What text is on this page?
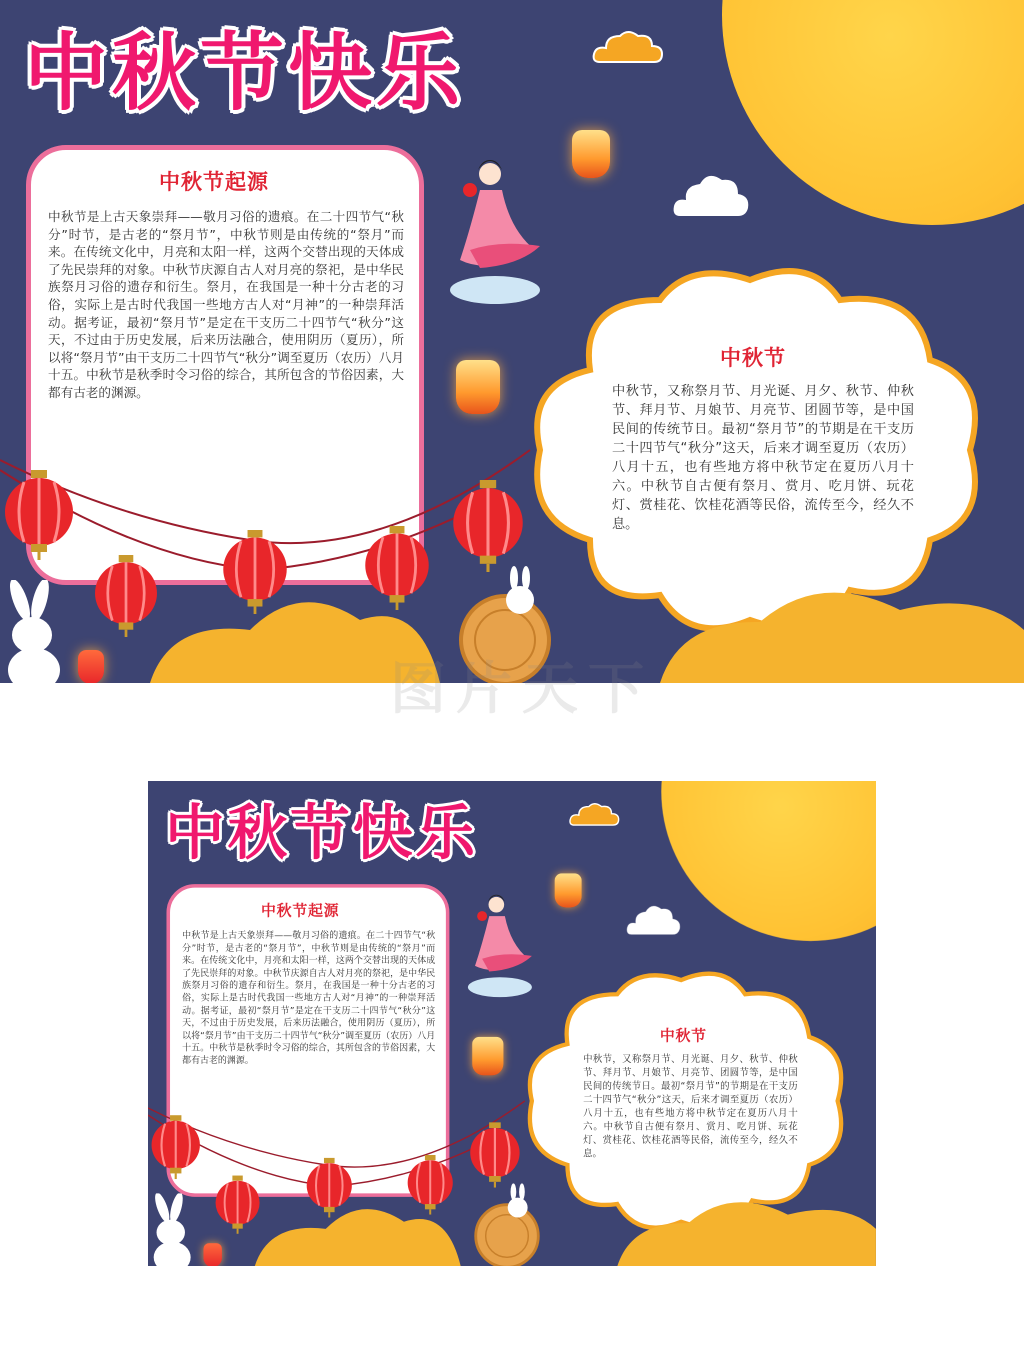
中秋节快乐
中秋节起源
中秋节是上古天象崇拜——敬月习俗的遗痕。在二十四节气“秋分”时节，是古老的“祭月节”，中秋节则是由传统的“祭月”而来。在传统文化中，月亮和太阳一样，这两个交替出现的天体成了先民崇拜的对象。中秋节庆源自古人对月亮的祭祀，是中华民族祭月习俗的遗存和衍生。祭月，在我国是一种十分古老的习俗，实际上是古时代我国一些地方古人对“月神”的一种崇拜活动。据考证，最初“祭月节”是定在干支历二十四节气“秋分”这天，不过由于历史发展，后来历法融合，使用阴历（夏历），所以将“祭月节”由干支历二十四节气“秋分”调至夏历（农历）八月十五。中秋节是秋季时令习俗的综合，其所包含的节俗因素，大都有古老的渊源。
中秋节
中秋节，又称祭月节、月光诞、月夕、秋节、仲秋节、拜月节、月娘节、月亮节、团圆节等，是中国民间的传统节日。最初“祭月节”的节期是在干支历二十四节气“秋分”这天，后来才调至夏历（农历）八月十五，也有些地方将中秋节定在夏历八月十六。中秋节自古便有祭月、赏月、吃月饼、玩花灯、赏桂花、饮桂花酒等民俗，流传至今，经久不息。
图片天下
中秋节快乐
中秋节起源
中秋节是上古天象崇拜——敬月习俗的遗痕。在二十四节气“秋分”时节，是古老的“祭月节”，中秋节则是由传统的“祭月”而来。在传统文化中，月亮和太阳一样，这两个交替出现的天体成了先民崇拜的对象。中秋节庆源自古人对月亮的祭祀，是中华民族祭月习俗的遗存和衍生。祭月，在我国是一种十分古老的习俗，实际上是古时代我国一些地方古人对“月神”的一种崇拜活动。据考证，最初“祭月节”是定在干支历二十四节气“秋分”这天，不过由于历史发展，后来历法融合，使用阴历（夏历），所以将“祭月节”由干支历二十四节气“秋分”调至夏历（农历）八月十五。中秋节是秋季时令习俗的综合，其所包含的节俗因素，大都有古老的渊源。
中秋节
中秋节，又称祭月节、月光诞、月夕、秋节、仲秋节、拜月节、月娘节、月亮节、团圆节等，是中国民间的传统节日。最初“祭月节”的节期是在干支历二十四节气“秋分”这天，后来才调至夏历（农历）八月十五，也有些地方将中秋节定在夏历八月十六。中秋节自古便有祭月、赏月、吃月饼、玩花灯、赏桂花、饮桂花酒等民俗，流传至今，经久不息。
